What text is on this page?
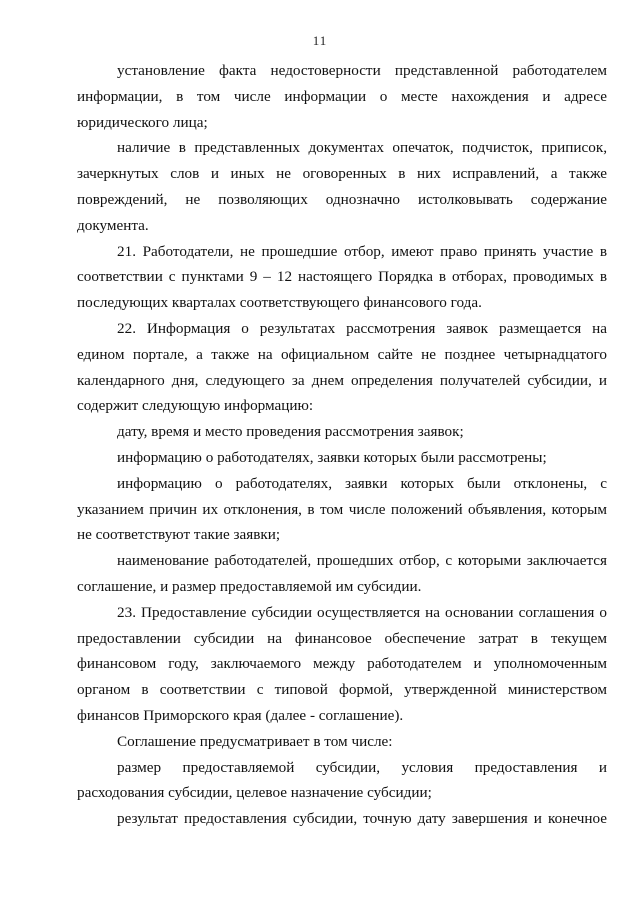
11

установление факта недостоверности представленной работодателем информации, в том числе информации о месте нахождения и адресе юридического лица;

наличие в представленных документах опечаток, подчисток, приписок, зачеркнутых слов и иных не оговоренных в них исправлений, а также повреждений, не позволяющих однозначно истолковывать содержание документа.

21. Работодатели, не прошедшие отбор, имеют право принять участие в соответствии с пунктами 9 – 12 настоящего Порядка в отборах, проводимых в последующих кварталах соответствующего финансового года.

22. Информация о результатах рассмотрения заявок размещается на едином портале, а также на официальном сайте не позднее четырнадцатого календарного дня, следующего за днем определения получателей субсидии, и содержит следующую информацию:

дату, время и место проведения рассмотрения заявок;

информацию о работодателях, заявки которых были рассмотрены;

информацию о работодателях, заявки которых были отклонены, с указанием причин их отклонения, в том числе положений объявления, которым не соответствуют такие заявки;

наименование работодателей, прошедших отбор, с которыми заключается соглашение, и размер предоставляемой им субсидии.

23. Предоставление субсидии осуществляется на основании соглашения о предоставлении субсидии на финансовое обеспечение затрат в текущем финансовом году, заключаемого между работодателем и уполномоченным органом в соответствии с типовой формой, утвержденной министерством финансов Приморского края (далее - соглашение).

Соглашение предусматривает в том числе:

размер предоставляемой субсидии, условия предоставления и расходования субсидии, целевое назначение субсидии;

результат предоставления субсидии, точную дату завершения и конечное
